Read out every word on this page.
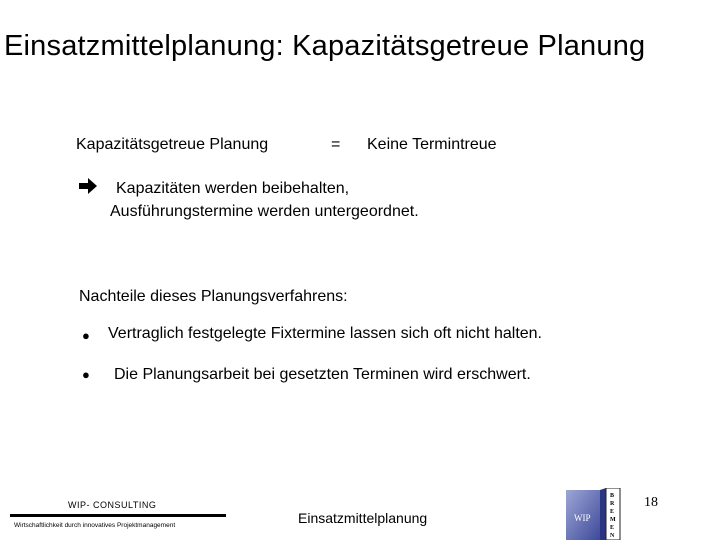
Einsatzmittelplanung: Kapazitätsgetreue Planung
Kapazitätsgetreue Planung	= Keine Termintreue
Kapazitäten werden beibehalten,
Ausführungstermine werden untergeordnet.
Nachteile dieses Planungsverfahrens:
● Vertraglich festgelegte Fixtermine lassen sich oft nicht halten.
● Die Planungsarbeit bei gesetzten Terminen wird erschwert.
WIP- CONSULTING
Wirtschaftlichkeit durch innovatives Projektmanagement	Einsatzmittelplanung	WIP
B
R
E
M
E
N
18
